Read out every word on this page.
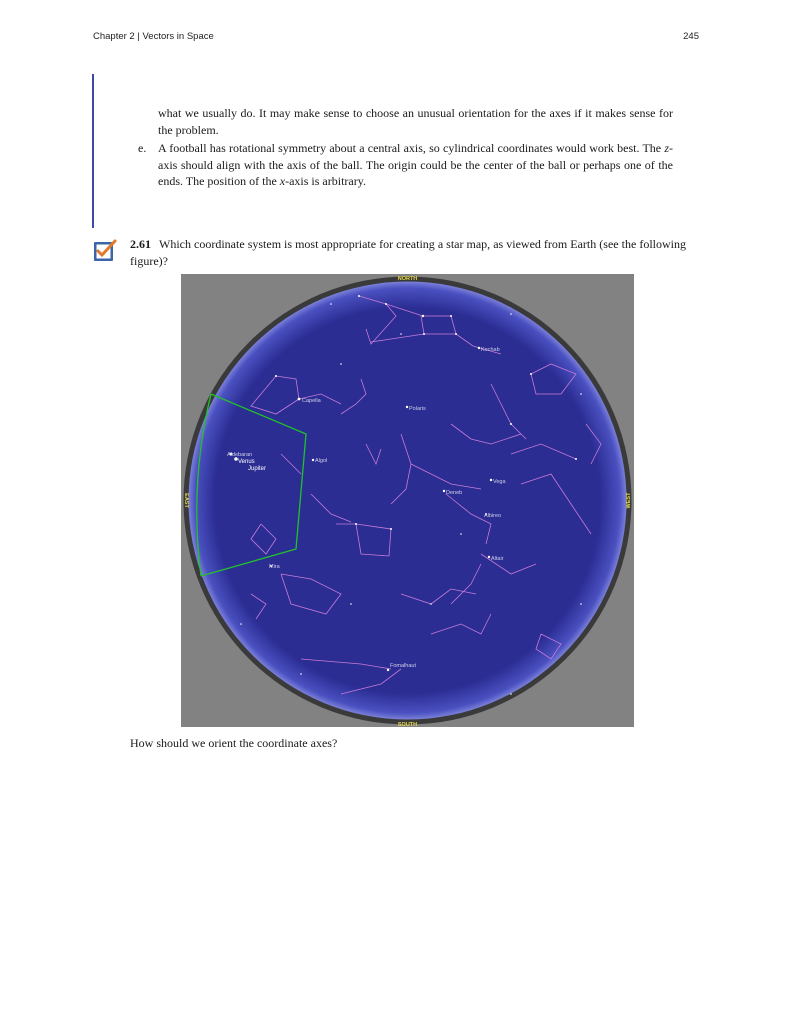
Chapter 2 | Vectors in Space	245
what we usually do. It may make sense to choose an unusual orientation for the axes if it makes sense for the problem.
e. A football has rotational symmetry about a central axis, so cylindrical coordinates would work best. The z-axis should align with the axis of the ball. The origin could be the center of the ball or perhaps one of the ends. The position of the x-axis is arbitrary.
2.61 Which coordinate system is most appropriate for creating a star map, as viewed from Earth (see the following figure)?
Kochab
Capella
Polaris
Aldebaran
Algol
Vega
Deneb
Albireo
Altair
Mira
Fomalhaut
Venus
Jupiter
NORTH
SOUTH
EAST	WEST
How should we orient the coordinate axes?
